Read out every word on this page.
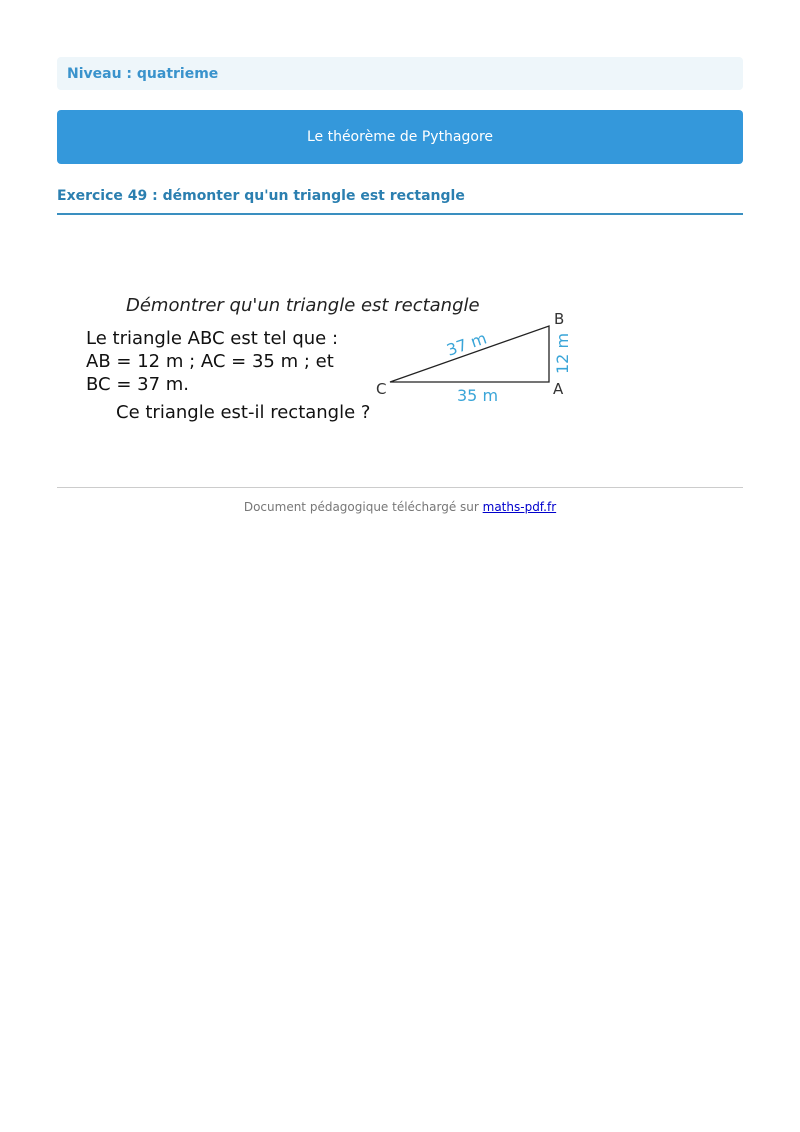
Niveau : quatrieme
Le théorème de Pythagore
Exercice 49 : démonter qu'un triangle est rectangle
Démontrer qu'un triangle est rectangle
Le triangle ABC est tel que :
AB = 12 m ; AC = 35 m ; et
BC = 37 m.
Ce triangle est-il rectangle ?
B
A
C
37 m	12 m
35 m
Document pédagogique téléchargé sur maths-pdf.fr
